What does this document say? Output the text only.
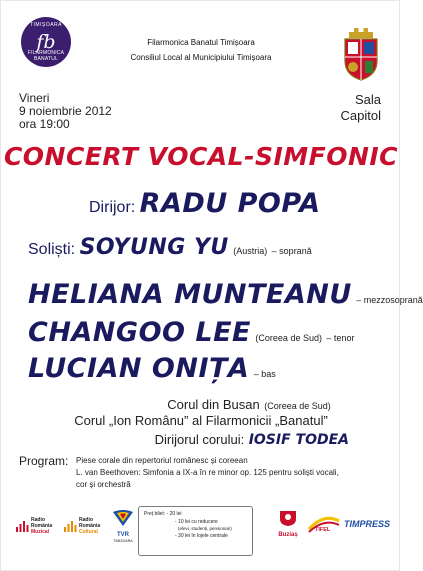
TIMIȘOARA
fb
FILARMONICA BANATUL
Filarmonica Banatul Timișoara
Consiliul Local al Municipiului Timișoara
Vineri
9 noiembrie 2012
ora 19:00
Sala
Capitol
CONCERT VOCAL-SIMFONIC
Dirijor: RADU POPA
Soliști: SOYUNG YU (Austria) – soprană
HELIANA MUNTEANU – mezzosoprană
CHANGOO LEE (Coreea de Sud) – tenor
LUCIAN ONIȚA – bas
Corul din Busan (Coreea de Sud)
Corul „Ion Românu” al Filarmonicii „Banatul”
Dirijorul corului: IOSIF TODEA
Program: Piese corale din repertoriul românesc și coreean
L. van Beethoven: Simfonia a IX-a în re minor op. 125 pentru soliști vocali,
cor și orchestră
Preț bilet: - 20 lei
- 10 lei cu reducere
(elevi, studenți, pensionari)
- 30 lei în lojele centrale
Radio
România
Muzical
Radio
România
Cultural	TVR
TIMIȘOARA
Buziaș
TIFEL
TIMPRESS
